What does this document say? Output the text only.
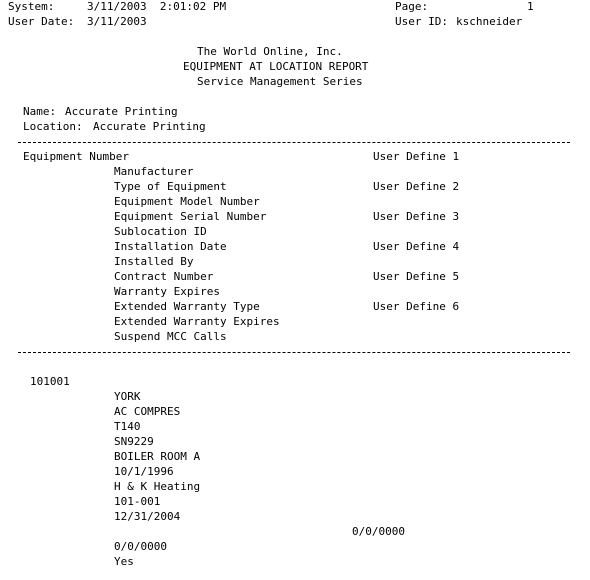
System:	3/11/2003  2:01:02 PM
User Date: 3/11/2003
Page:	1
User ID: kschneider
The World Online, Inc.
EQUIPMENT AT LOCATION REPORT
Service Management Series
Name: Accurate Printing
Location: Accurate Printing
Equipment Number
Manufacturer
Type of Equipment
Equipment Model Number
Equipment Serial Number
Sublocation ID
Installation Date
Installed By
Contract Number
Warranty Expires
Extended Warranty Type
Extended Warranty Expires
Suspend MCC Calls
User Define 1
User Define 2
User Define 3
User Define 4
User Define 5
User Define 6
101001
YORK
AC COMPRES
T140
SN9229
BOILER ROOM A
10/1/1996
H & K Heating
101-001
12/31/2004
0/0/0000
0/0/0000
Yes
